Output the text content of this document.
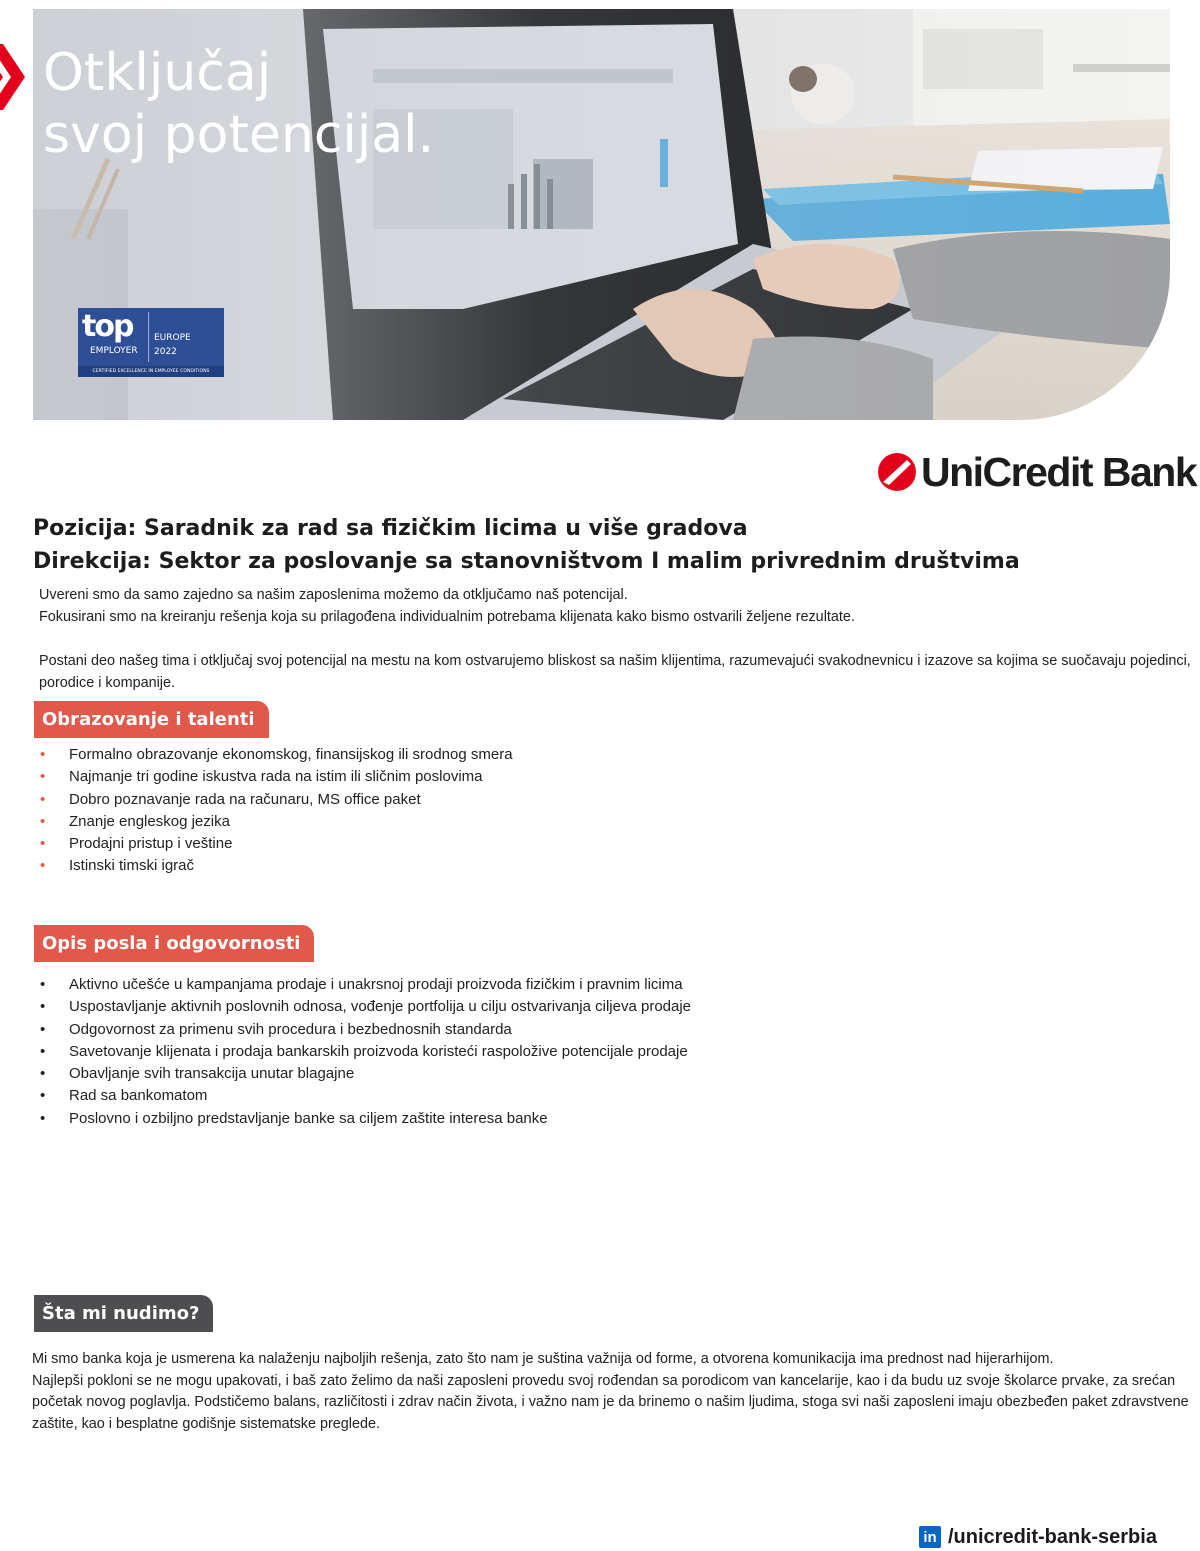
top
EMPLOYER
EUROPE
2022
CERTIFIED EXCELLENCE IN EMPLOYEE CONDITIONS
Otključaj
svoj potencijal.
UniCredit Bank
Pozicija: Saradnik za rad sa fizičkim licima u više gradova
Direkcija: Sektor za poslovanje sa stanovništvom I malim privrednim društvima

Uvereni smo da samo zajedno sa našim zaposlenima možemo da otključamo naš potencijal.
Fokusirani smo na kreiranju rešenja koja su prilagođena individualnim potrebama klijenata kako bismo ostvarili željene rezultate.

Postani deo našeg tima i otključaj svoj potencijal na mestu na kom ostvarujemo bliskost sa našim klijentima, razumevajući svakodnevnicu i izazove sa kojima se suočavaju pojedinci, porodice i kompanije.

Obrazovanje i talenti
• Formalno obrazovanje ekonomskog, finansijskog ili srodnog smera
• Najmanje tri godine iskustva rada na istim ili sličnim poslovima
• Dobro poznavanje rada na računaru, MS office paket
• Znanje engleskog jezika
• Prodajni pristup i veštine
• Istinski timski igrač
Opis posla i odgovornosti
• Aktivno učešće u kampanjama prodaje i unakrsnoj prodaji proizvoda fizičkim i pravnim licima
• Uspostavljanje aktivnih poslovnih odnosa, vođenje portfolija u cilju ostvarivanja ciljeva prodaje
• Odgovornost za primenu svih procedura i bezbednosnih standarda
• Savetovanje klijenata i prodaja bankarskih proizvoda koristeći raspoložive potencijale prodaje
• Obavljanje svih transakcija unutar blagajne
• Rad sa bankomatom
• Poslovno i ozbiljno predstavljanje banke sa ciljem zaštite interesa banke
Šta mi nudimo?

Mi smo banka koja je usmerena ka nalaženju najboljih rešenja, zato što nam je suština važnija od forme, a otvorena komunikacija ima prednost nad hijerarhijom.
Najlepši pokloni se ne mogu upakovati, i baš zato želimo da naši zaposleni provedu svoj rođendan sa porodicom van kancelarije, kao i da budu uz svoje školarce prvake, za srećan početak novog poglavlja. Podstičemo balans, različitosti i zdrav način života, i važno nam je da brinemo o našim ljudima, stoga svi naši zaposleni imaju obezbeđen paket zdravstvene zaštite, kao i besplatne godišnje sistematske preglede.

in /unicredit-bank-serbia
